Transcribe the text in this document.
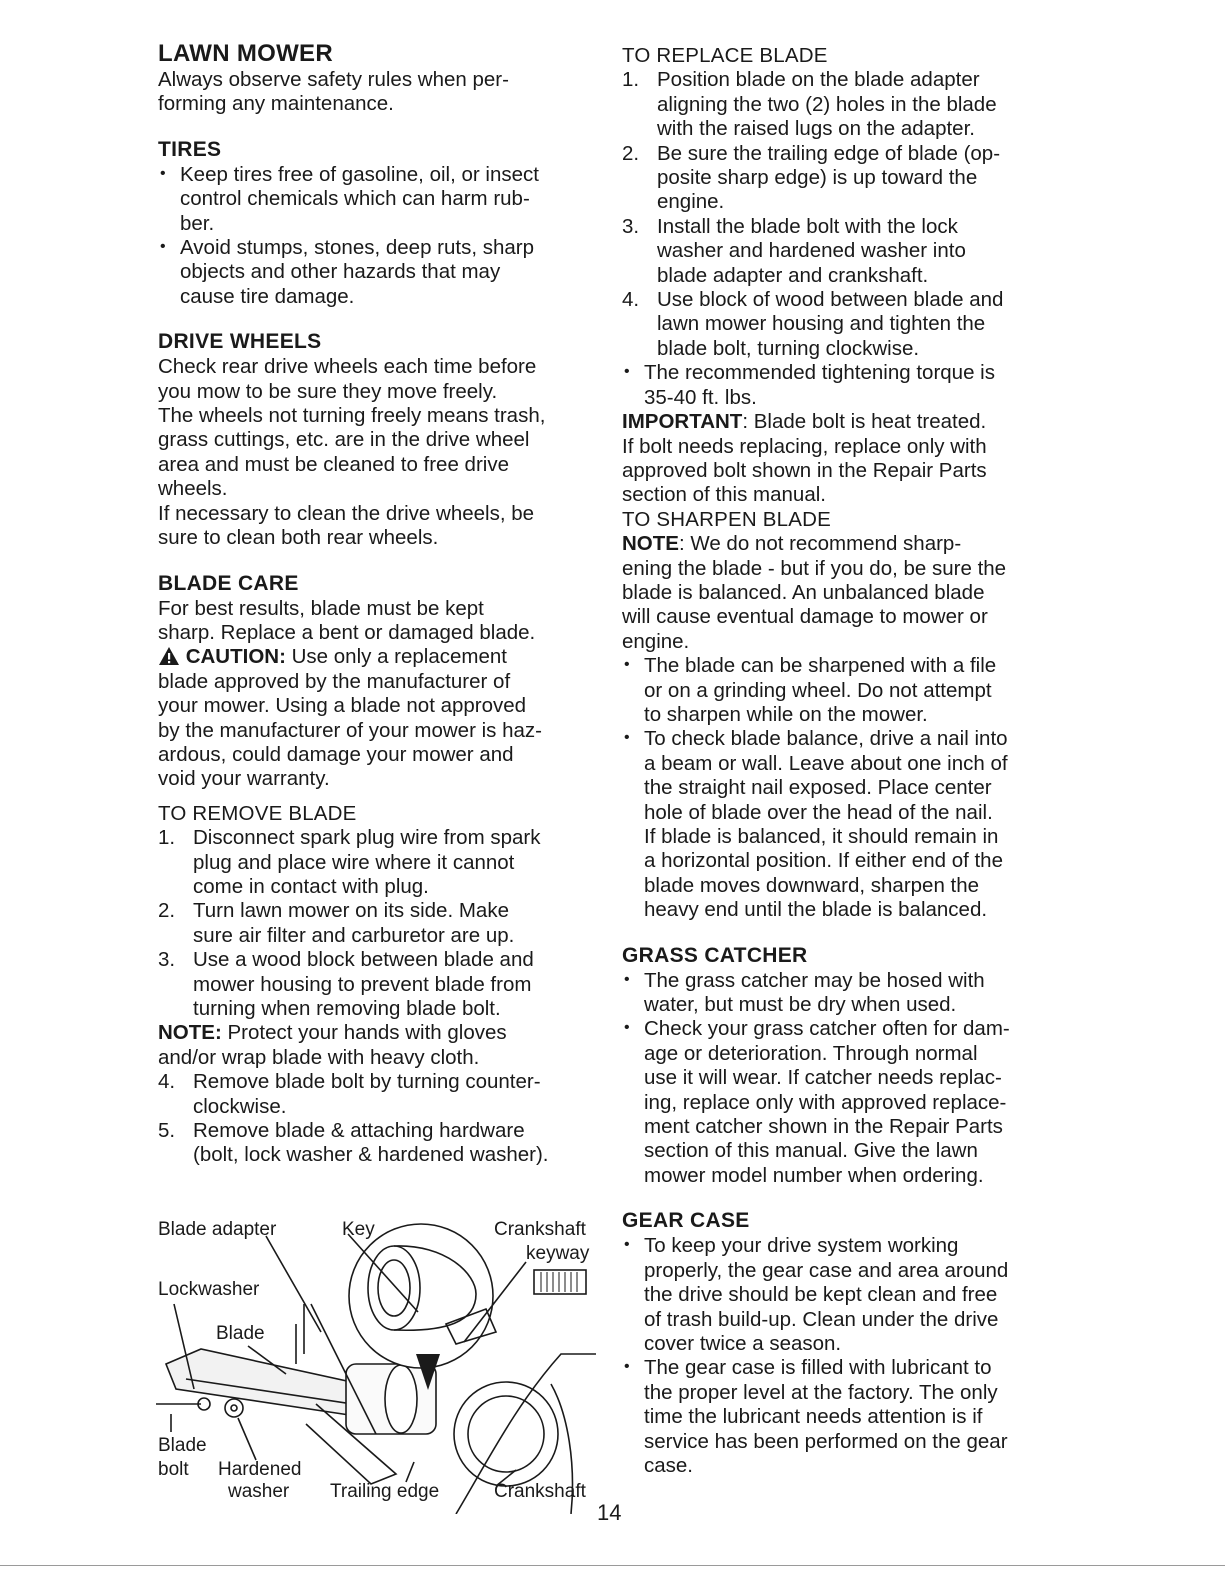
LAWN MOWER
Always observe safety rules when per-
forming any maintenance.
TIRES
• Keep tires free of gasoline, oil, or insect
control chemicals which can harm rub-
ber.
• Avoid stumps, stones, deep ruts, sharp
objects and other hazards that may
cause tire damage.
DRIVE WHEELS
Check rear drive wheels each time before
you mow to be sure they move freely.
The wheels not turning freely means trash,
grass cuttings, etc. are in the drive wheel
area and must be cleaned to free drive
wheels.
If necessary to clean the drive wheels, be
sure to clean both rear wheels.
BLADE CARE
For best results, blade must be kept
sharp. Replace a bent or damaged blade.
CAUTION: Use only a replacement
blade approved by the manufacturer of
your mower. Using a blade not approved
by the manufacturer of your mower is haz-
ardous, could damage your mower and
void your warranty.
TO REMOVE BLADE
1. Disconnect spark plug wire from spark
plug and place wire where it cannot
come in contact with plug.
2. Turn lawn mower on its side. Make
sure air filter and carburetor are up.
3. Use a wood block between blade and
mower housing to prevent blade from
turning when removing blade bolt.
NOTE: Protect your hands with gloves
and/or wrap blade with heavy cloth.
4. Remove blade bolt by turning counter-
clockwise.
5. Remove blade & attaching hardware
(bolt, lock washer & hardened washer).
Blade adapter	Key	Crankshaft
keyway
Lockwasher
Blade
Blade
bolt Hardened
washer Trailing edge	Crankshaft
TO REPLACE BLADE
1. Position blade on the blade adapter
aligning the two (2) holes in the blade
with the raised lugs on the adapter.
2. Be sure the trailing edge of blade (op-
posite sharp edge) is up toward the
engine.
3. Install the blade bolt with the lock
washer and hardened washer into
blade adapter and crankshaft.
4. Use block of wood between blade and
lawn mower housing and tighten the
blade bolt, turning clockwise.
• The recommended tightening torque is
35-40 ft. lbs.
IMPORTANT: Blade bolt is heat treated.
If bolt needs replacing, replace only with
approved bolt shown in the Repair Parts
section of this manual.
TO SHARPEN BLADE
NOTE: We do not recommend sharp-
ening the blade - but if you do, be sure the
blade is balanced. An unbalanced blade
will cause eventual damage to mower or
engine.
• The blade can be sharpened with a file
or on a grinding wheel. Do not attempt
to sharpen while on the mower.
• To check blade balance, drive a nail into
a beam or wall. Leave about one inch of
the straight nail exposed. Place center
hole of blade over the head of the nail.
If blade is balanced, it should remain in
a horizontal position. If either end of the
blade moves downward, sharpen the
heavy end until the blade is balanced.
GRASS CATCHER
• The grass catcher may be hosed with
water, but must be dry when used.
• Check your grass catcher often for dam-
age or deterioration. Through normal
use it will wear. If catcher needs replac-
ing, replace only with approved replace-
ment catcher shown in the Repair Parts
section of this manual. Give the lawn
mower model number when ordering.
GEAR CASE
• To keep your drive system working
properly, the gear case and area around
the drive should be kept clean and free
of trash build-up. Clean under the drive
cover twice a season.
• The gear case is filled with lubricant to
the proper level at the factory. The only
time the lubricant needs attention is if
service has been performed on the gear
case.
14
